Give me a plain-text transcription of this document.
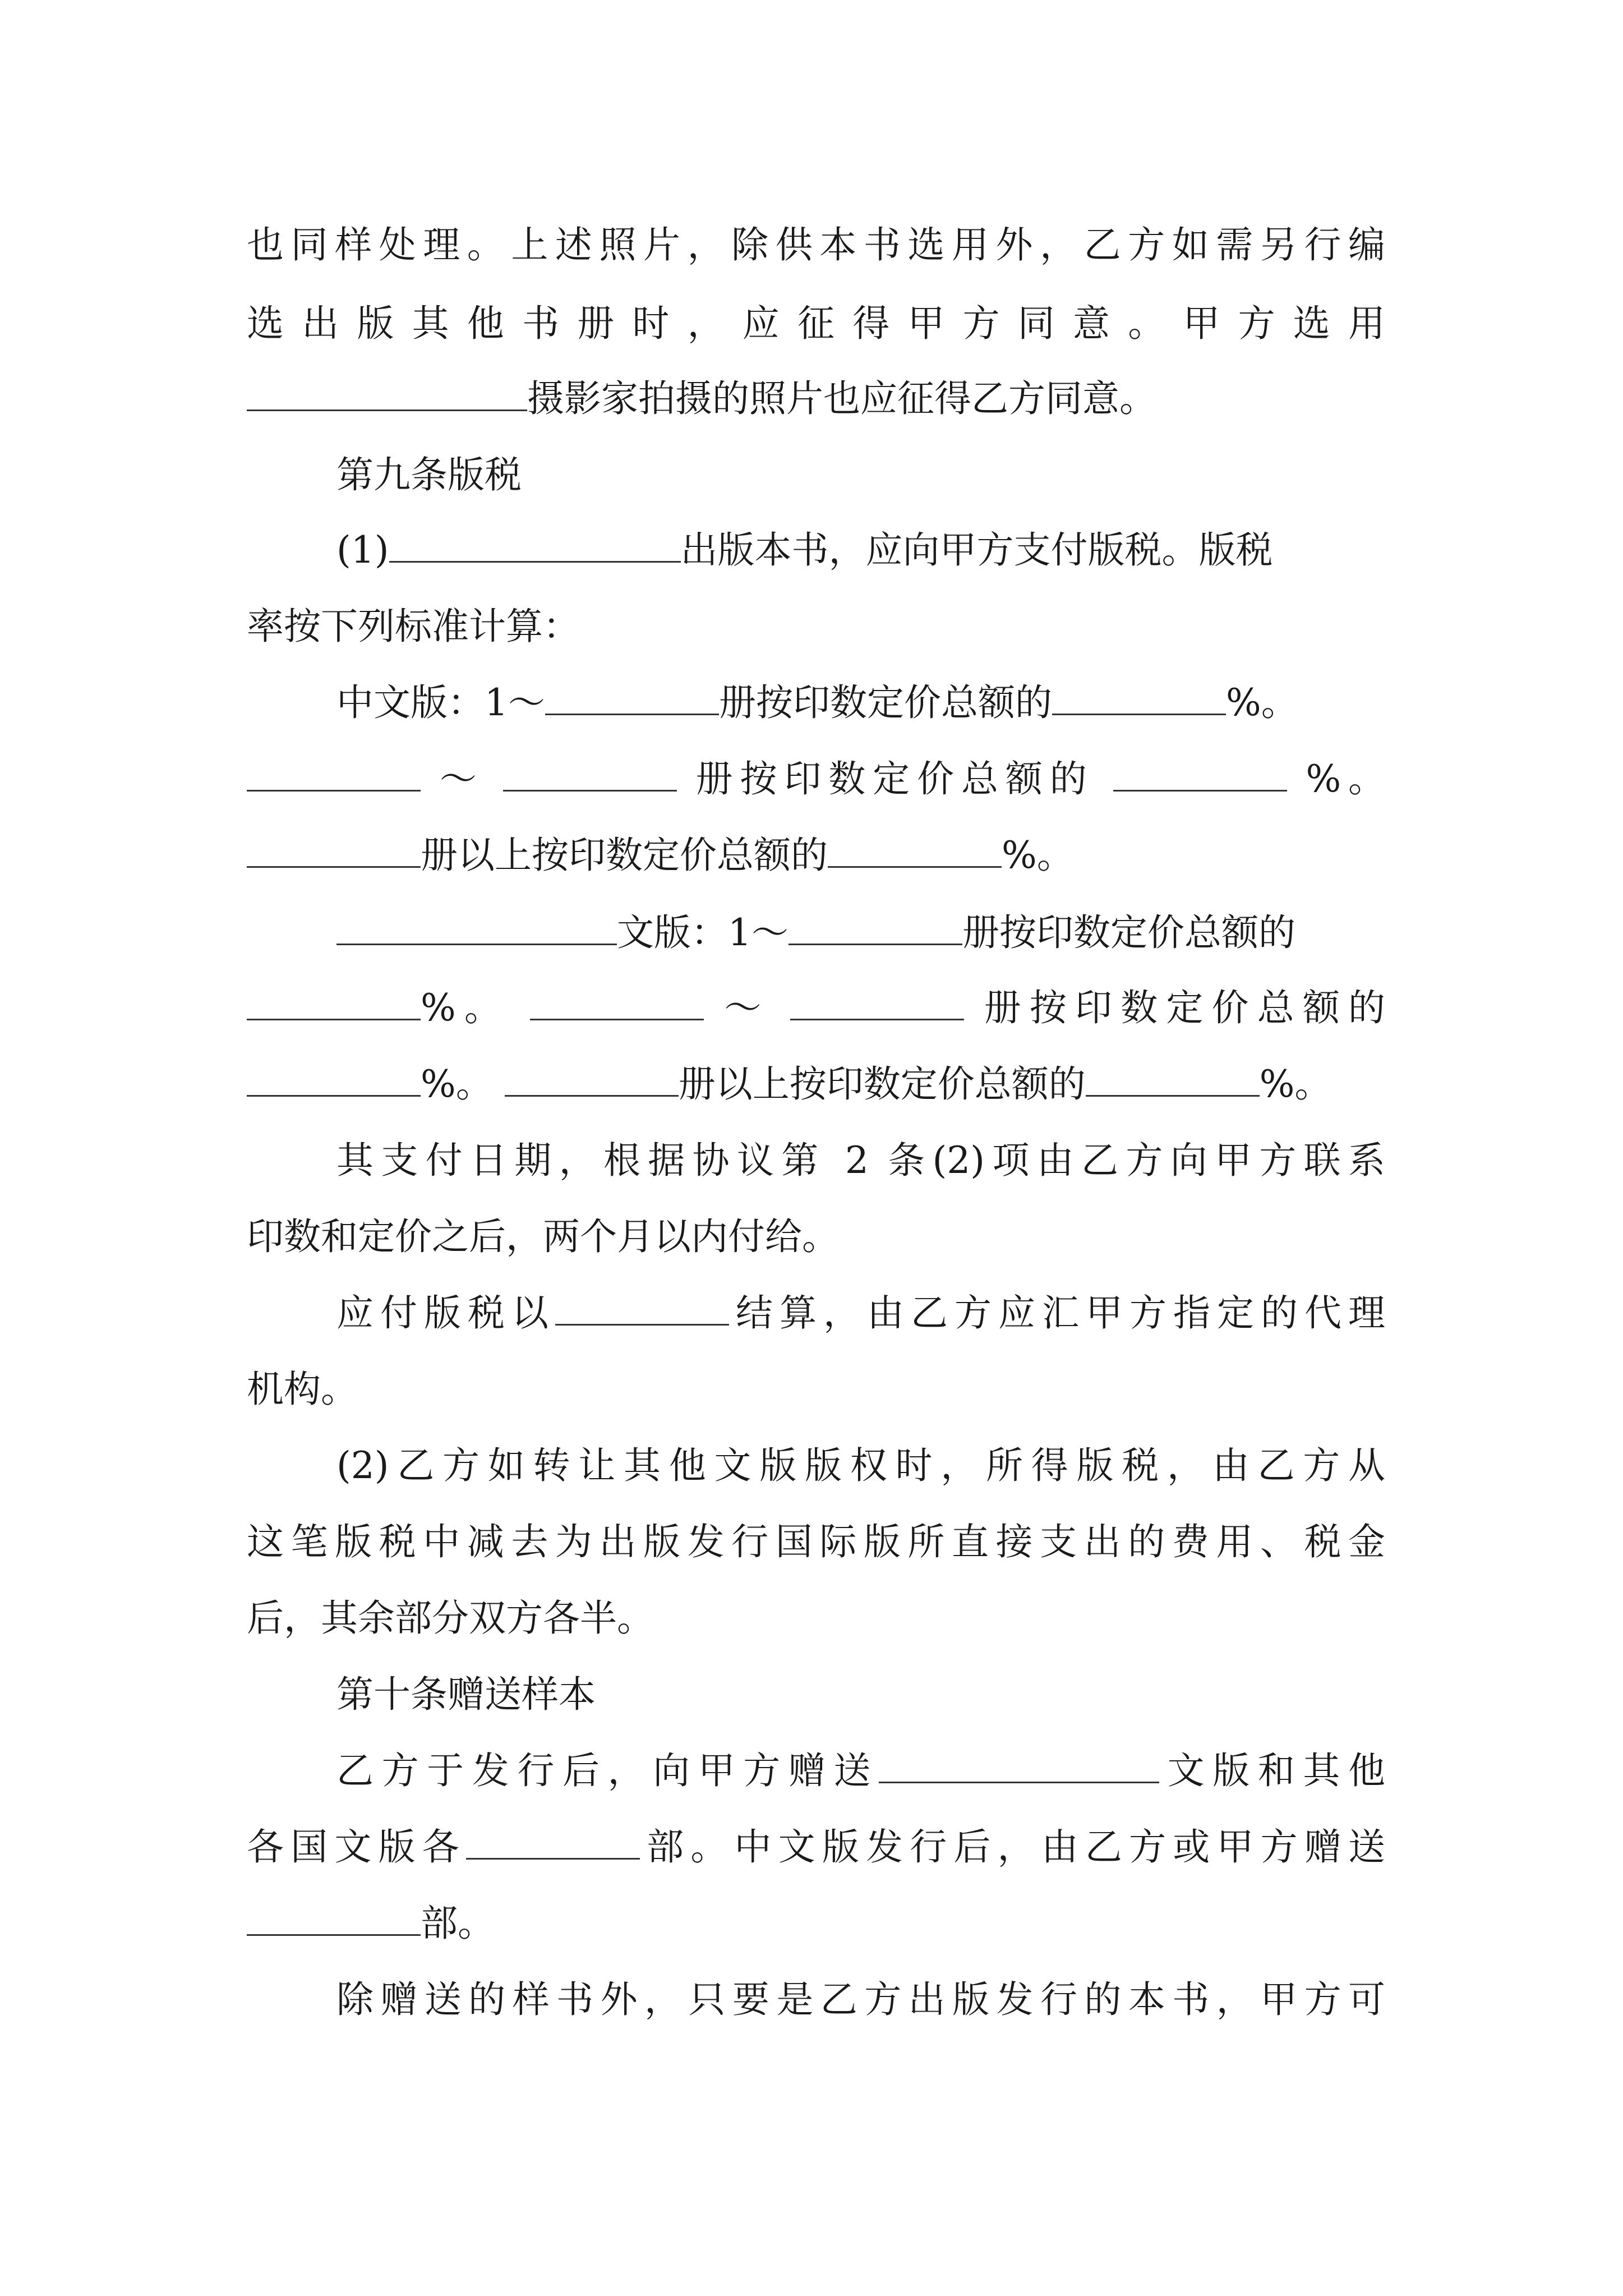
也同样处理。上述照片，除供本书选用外，乙方如需另行编
选出版其他书册时，应征得甲方同意。甲方选用
摄影家拍摄的照片也应征得乙方同意。
第九条版税
(1)	出版本书，应向甲方支付版税。版税
率按下列标准计算：
中文版：1～	册按印数定价总额的	%。
～	册按印数定价总额的	%。
册以上按印数定价总额的	%。
文版：1～	册按印数定价总额的
%。	～	册按印数定价总额的
%。	册以上按印数定价总额的	%。
其支付日期，根据协议第 2 条(2)项由乙方向甲方联系
印数和定价之后，两个月以内付给。
应付版税以	结算，由乙方应汇甲方指定的代理
机构。
(2)乙方如转让其他文版版权时，所得版税，由乙方从
这笔版税中减去为出版发行国际版所直接支出的费用、税金
后，其余部分双方各半。
第十条赠送样本
乙方于发行后，向甲方赠送	文版和其他
各国文版各	部。中文版发行后，由乙方或甲方赠送
部。
除赠送的样书外，只要是乙方出版发行的本书，甲方可
